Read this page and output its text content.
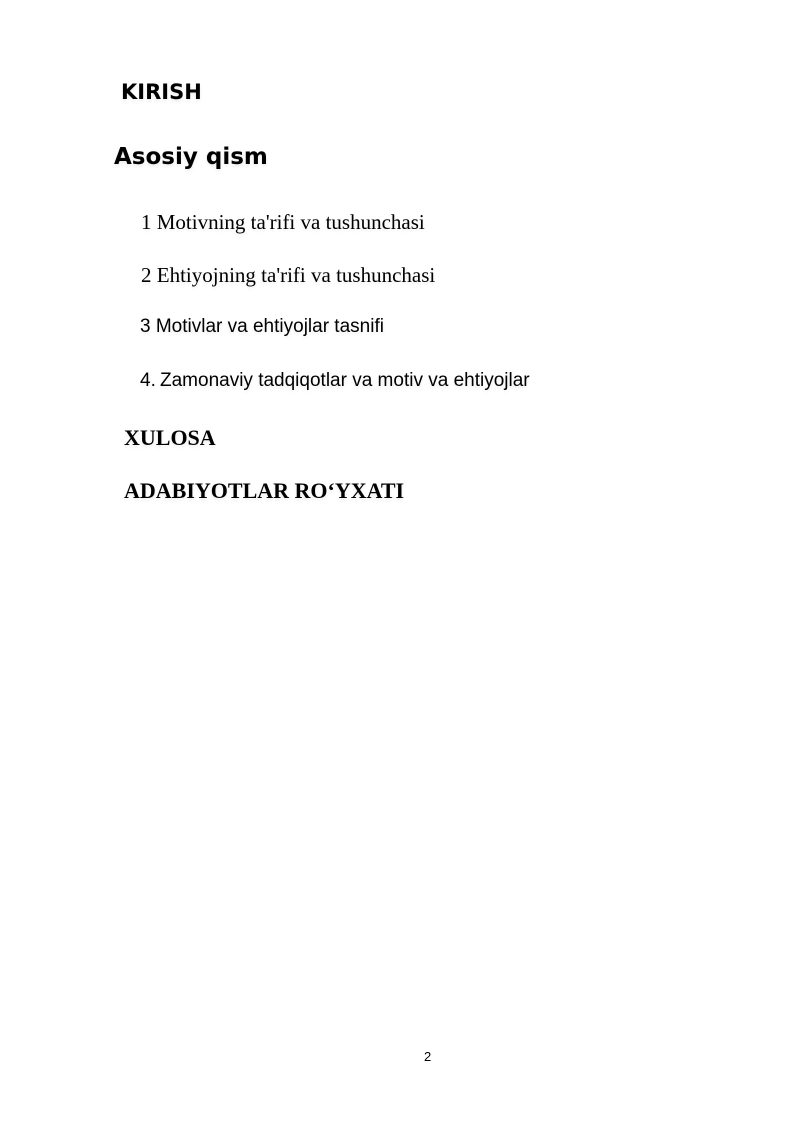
KIRISH
Asosiy qism
1 Motivning ta'rifi va tushunchasi
2 Ehtiyojning ta'rifi va tushunchasi
3 Motivlar va ehtiyojlar tasnifi
4. Zamonaviy tadqiqotlar va motiv va ehtiyojlar
XULOSA
ADABIYOTLAR RO‘YXATI
2
